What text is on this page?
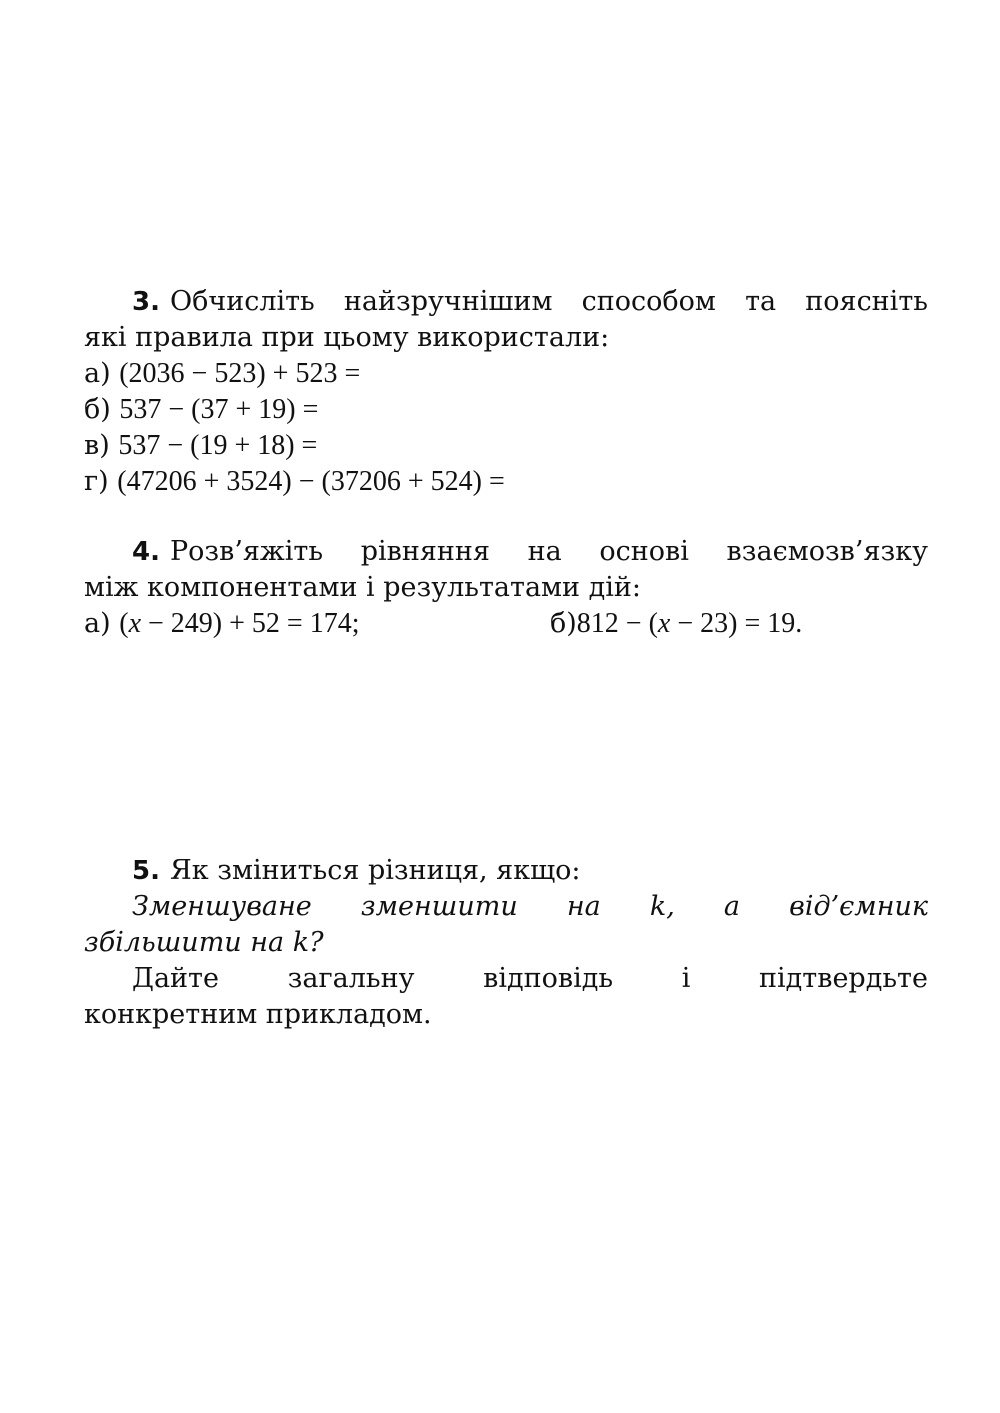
3. Обчисліть найзручнішим способом та поясніть
які правила при цьому використали:
а) (2036 − 523) + 523 =
б) 537 − (37 + 19) =
в) 537 − (19 + 18) =
г) (47206 + 3524) − (37206 + 524) =
4. Розв’яжіть рівняння на основі взаємозв’язку
між компонентами і результатами дій:
а) (x − 249) + 52 = 174;	б)812 − (x − 23) = 19.
5. Як зміниться різниця, якщо:
Зменшуване зменшити на k, а від’ємник
збільшити на k?
Дайте	загальну	відповідь	і	підтвердьте
конкретним прикладом.
